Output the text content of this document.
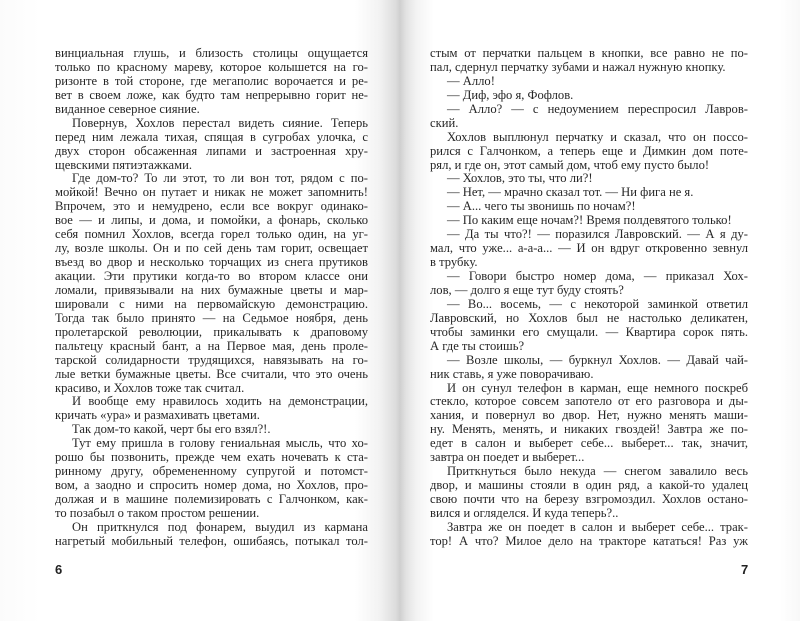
винциальная глушь, и близость столицы ощущается
только по красному мареву, которое колышется на го-
ризонте в той стороне, где мегаполис ворочается и ре-
вет в своем ложе, как будто там непрерывно горит не-
виданное северное сияние.
Повернув, Хохлов перестал видеть сияние. Теперь
перед ним лежала тихая, спящая в сугробах улочка, с
двух сторон обсаженная липами и застроенная хру-
щевскими пятиэтажками.
Где дом-то? То ли этот, то ли вон тот, рядом с по-
мойкой! Вечно он путает и никак не может запомнить!
Впрочем, это и немудрено, если все вокруг одинако-
вое — и липы, и дома, и помойки, а фонарь, сколько
себя помнил Хохлов, всегда горел только один, на уг-
лу, возле школы. Он и по сей день там горит, освещает
въезд во двор и несколько торчащих из снега прутиков
акации. Эти прутики когда-то во втором классе они
ломали, привязывали на них бумажные цветы и мар-
шировали с ними на первомайскую демонстрацию.
Тогда так было принято — на Седьмое ноября, день
пролетарской революции, прикалывать к драповому
пальтецу красный бант, а на Первое мая, день проле-
тарской солидарности трудящихся, навязывать на го-
лые ветки бумажные цветы. Все считали, что это очень
красиво, и Хохлов тоже так считал.
И вообще ему нравилось ходить на демонстрации,
кричать «ура» и размахивать цветами.
Так дом-то какой, черт бы его взял?!.
Тут ему пришла в голову гениальная мысль, что хо-
рошо бы позвонить, прежде чем ехать ночевать к ста-
ринному другу, обремененному супругой и потомст-
вом, а заодно и спросить номер дома, но Хохлов, про-
должая и в машине полемизировать с Галчонком, как-
то позабыл о таком простом решении.
Он приткнулся под фонарем, выудил из кармана
нагретый мобильный телефон, ошибаясь, потыкал тол-
6
стым от перчатки пальцем в кнопки, все равно не по-
пал, сдернул перчатку зубами и нажал нужную кнопку.
— Алло!
— Диф, эфо я, Фофлов.
— Алло? — с недоумением переспросил Лавров-
ский.
Хохлов выплюнул перчатку и сказал, что он поссо-
рился с Галчонком, а теперь еще и Димкин дом поте-
рял, и где он, этот самый дом, чтоб ему пусто было!
— Хохлов, это ты, что ли?!
— Нет, — мрачно сказал тот. — Ни фига не я.
— А... чего ты звонишь по ночам?!
— По каким еще ночам?! Время полдевятого только!
— Да ты что?! — поразился Лавровский. — А я ду-
мал, что уже... а-а-а... — И он вдруг откровенно зевнул
в трубку.
— Говори быстро номер дома, — приказал Хох-
лов, — долго я еще тут буду стоять?
— Во... восемь, — с некоторой заминкой ответил
Лавровский, но Хохлов был не настолько деликатен,
чтобы заминки его смущали. — Квартира сорок пять.
А где ты стоишь?
— Возле школы, — буркнул Хохлов. — Давай чай-
ник ставь, я уже поворачиваю.
И он сунул телефон в карман, еще немного поскреб
стекло, которое совсем запотело от его разговора и ды-
хания, и повернул во двор. Нет, нужно менять маши-
ну. Менять, менять, и никаких гвоздей! Завтра же по-
едет в салон и выберет себе... выберет... так, значит,
завтра он поедет и выберет...
Приткнуться было некуда — снегом завалило весь
двор, и машины стояли в один ряд, а какой-то удалец
свою почти что на березу взгромоздил. Хохлов остано-
вился и огляделся. И куда теперь?..
Завтра же он поедет в салон и выберет себе... трак-
тор! А что? Милое дело на тракторе кататься! Раз уж
7
